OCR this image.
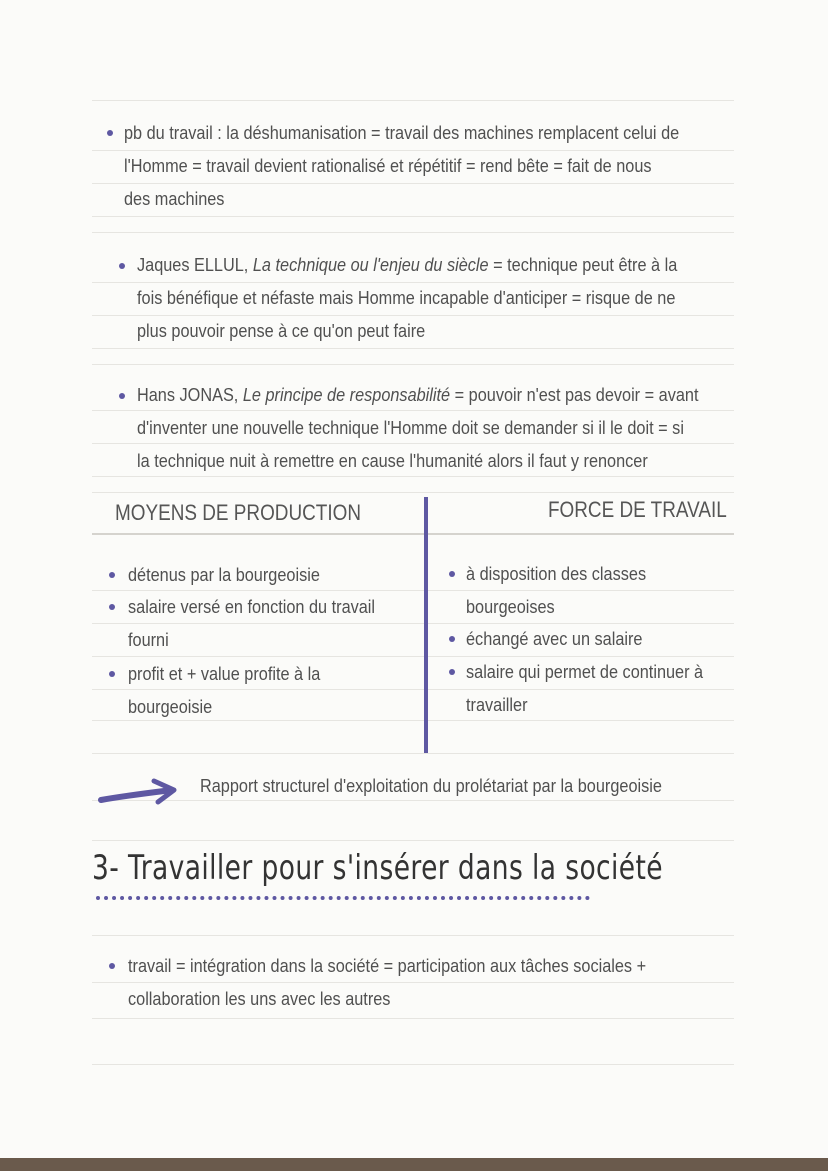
pb du travail : la déshumanisation = travail des machines remplacent celui de
l'Homme = travail devient rationalisé et répétitif = rend bête = fait de nous
des machines
Jaques ELLUL, La technique ou l'enjeu du siècle = technique peut être à la
fois bénéfique et néfaste mais Homme incapable d'anticiper = risque de ne
plus pouvoir pense à ce qu'on peut faire
Hans JONAS, Le principe de responsabilité = pouvoir n'est pas devoir = avant
d'inventer une nouvelle technique l'Homme doit se demander si il le doit = si
la technique nuit à remettre en cause l'humanité alors il faut y renoncer
MOYENS DE PRODUCTION	FORCE DE TRAVAIL
détenus par la bourgeoisie
salaire versé en fonction du travail
fourni
profit et + value profite à la
bourgeoisie
à disposition des classes
bourgeoises
échangé avec un salaire
salaire qui permet de continuer à
travailler
Rapport structurel d'exploitation du prolétariat par la bourgeoisie
3- Travailler pour s'insérer dans la société
travail = intégration dans la société = participation aux tâches sociales +
collaboration les uns avec les autres
